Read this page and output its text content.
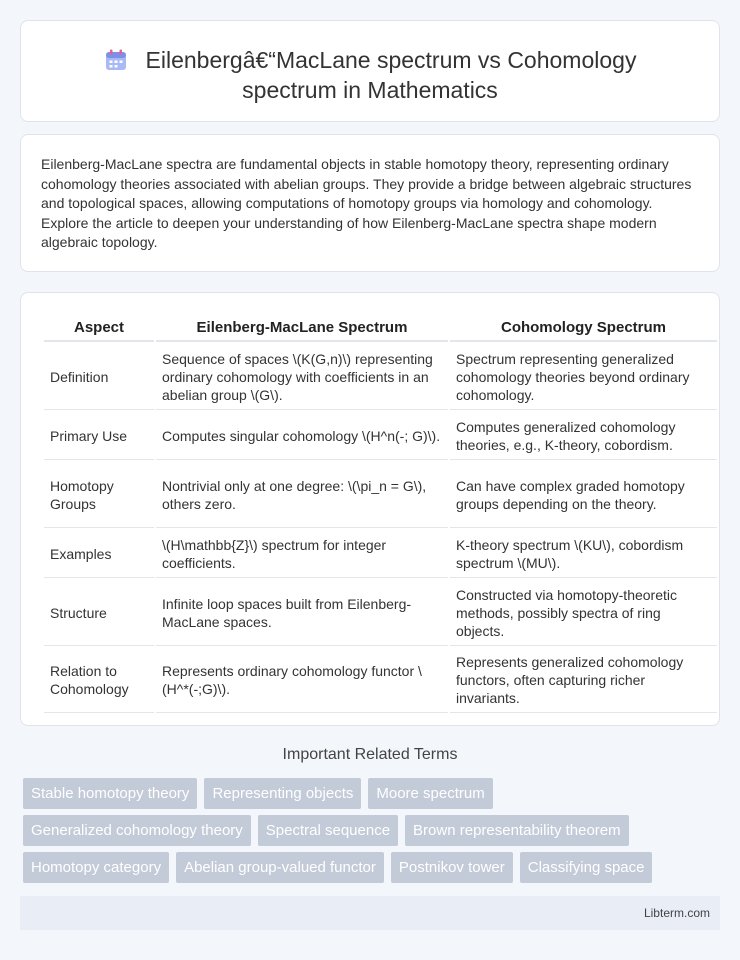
Eilenbergâ€“MacLane spectrum vs Cohomology
spectrum in Mathematics

Eilenberg-MacLane spectra are fundamental objects in stable homotopy theory, representing ordinary cohomology theories associated with abelian groups. They provide a bridge between algebraic structures and topological spaces, allowing computations of homotopy groups via homology and cohomology. Explore the article to deepen your understanding of how Eilenberg-MacLane spectra shape modern algebraic topology.

Aspect	Eilenberg-MacLane Spectrum	Cohomology Spectrum
Definition	Sequence of spaces \(K(G,n)\) representing ordinary cohomology with coefficients in an abelian group \(G\).	Spectrum representing generalized cohomology theories beyond ordinary cohomology.
Primary Use	Computes singular cohomology \(H^n(-; G)\).	Computes generalized cohomology theories, e.g., K-theory, cobordism.
Homotopy Groups	Nontrivial only at one degree: \(\pi_n = G\), others zero.	Can have complex graded homotopy groups depending on the theory.
Examples	\(H\mathbb{Z}\) spectrum for integer coefficients.	K-theory spectrum \(KU\), cobordism spectrum \(MU\).
Structure	Infinite loop spaces built from Eilenberg-MacLane spaces.	Constructed via homotopy-theoretic methods, possibly spectra of ring objects.
Relation to Cohomology	Represents ordinary cohomology functor \(H^*(-;G)\).	Represents generalized cohomology functors, often capturing richer invariants.
Important Related Terms
Stable homotopy theory	Representing objects	Moore spectrum
Generalized cohomology theory	Spectral sequence	Brown representability theorem
Homotopy category	Abelian group-valued functor	Postnikov tower	Classifying space
Libterm.com
